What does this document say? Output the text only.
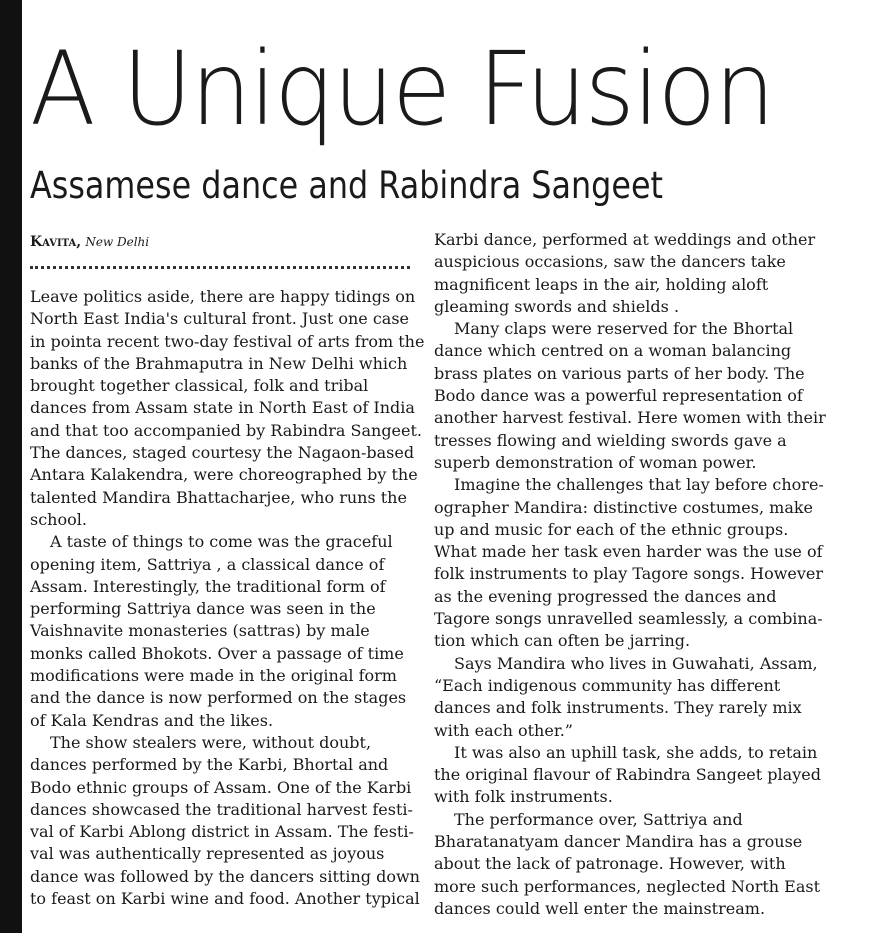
A Unique Fusion
Assamese dance and Rabindra Sangeet
Kavita, New Delhi

Leave politics aside, there are happy tidings on
North East India's cultural front. Just one case
in pointa recent two-day festival of arts from the
banks of the Brahmaputra in New Delhi which
brought together classical, folk and tribal
dances from Assam state in North East of India
and that too accompanied by Rabindra Sangeet.
The dances, staged courtesy the Nagaon-based
Antara Kalakendra, were choreographed by the
talented Mandira Bhattacharjee, who runs the
school.

A taste of things to come was the graceful
opening item, Sattriya , a classical dance of
Assam. Interestingly, the traditional form of
performing Sattriya dance was seen in the
Vaishnavite monasteries (sattras) by male
monks called Bhokots. Over a passage of time
modifications were made in the original form
and the dance is now performed on the stages
of Kala Kendras and the likes.

The show stealers were, without doubt,
dances performed by the Karbi, Bhortal and
Bodo ethnic groups of Assam. One of the Karbi
dances showcased the traditional harvest festi-
val of Karbi Ablong district in Assam. The festi-
val was authentically represented as joyous
dance was followed by the dancers sitting down
to feast on Karbi wine and food. Another typical

Karbi dance, performed at weddings and other
auspicious occasions, saw the dancers take
magnificent leaps in the air, holding aloft
gleaming swords and shields .

Many claps were reserved for the Bhortal
dance which centred on a woman balancing
brass plates on various parts of her body. The
Bodo dance was a powerful representation of
another harvest festival. Here women with their
tresses flowing and wielding swords gave a
superb demonstration of woman power.

Imagine the challenges that lay before chore-
ographer Mandira: distinctive costumes, make
up and music for each of the ethnic groups.
What made her task even harder was the use of
folk instruments to play Tagore songs. However
as the evening progressed the dances and
Tagore songs unravelled seamlessly, a combina-
tion which can often be jarring.

Says Mandira who lives in Guwahati, Assam,
“Each indigenous community has different
dances and folk instruments. They rarely mix
with each other.”

It was also an uphill task, she adds, to retain
the original flavour of Rabindra Sangeet played
with folk instruments.

The performance over, Sattriya and
Bharatanatyam dancer Mandira has a grouse
about the lack of patronage. However, with
more such performances, neglected North East
dances could well enter the mainstream.
